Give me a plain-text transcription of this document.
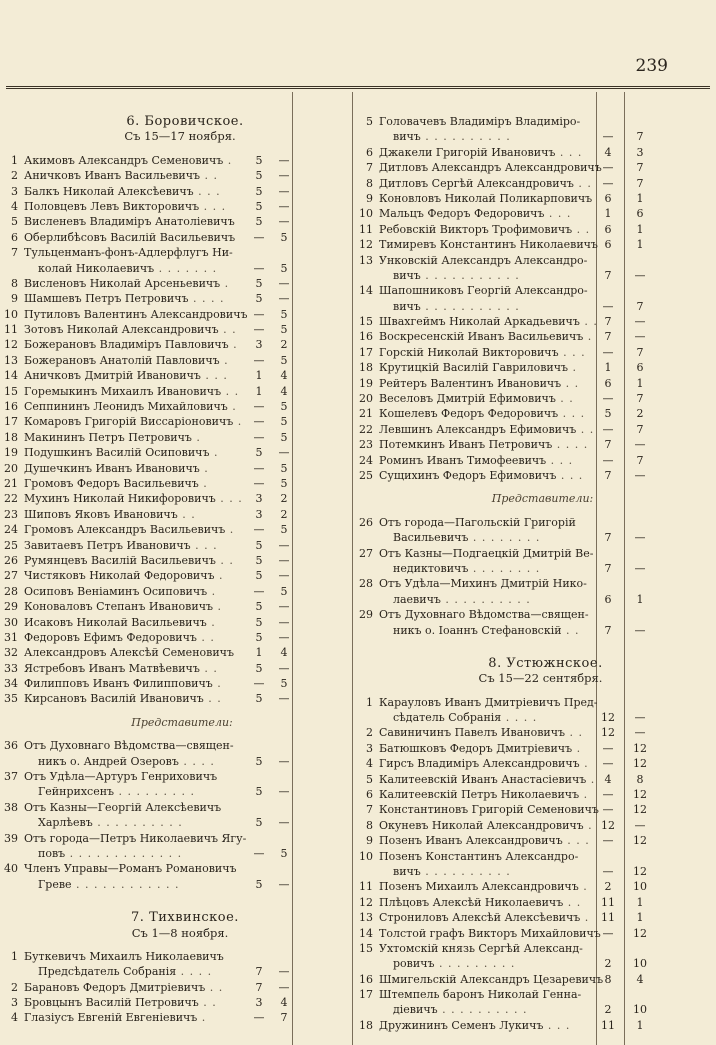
239
6. Боровичское.
Съ 15—17 ноября.
1 Акимовъ Александръ Семеновичъ .	5	—
2 Аничковъ Иванъ Васильевичъ . .	5	—
3 Балкъ Николай Алексѣевичъ . . .	5	—
4 Половцевъ Левъ Викторовичъ . . .	5	—
5 Висленевъ Владиміръ Анатоліевичъ	5	—
6 Оберлибѣсовъ Василій Васильевичъ	—	5
7 Тульценманъ-фонъ-Адлерфлугъ Ни-
колай Николаевичъ . . . . . . .	—	5
8 Висленовъ Николай Арсеньевичъ .	5	—
9 Шамшевъ Петръ Петровичъ . . . .	5	—
10 Путиловъ Валентинъ Александровичъ —	5
11 Зотовъ Николай Александровичъ . .	—	5
12 Божерановъ Владиміръ Павловичъ .	3	2
13 Божерановъ Анатолій Павловичъ .	—	5
14 Аничковъ Дмитрій Ивановичъ . . .	1	4
15 Горемыкинъ Михаилъ Ивановичъ . .	1	4
16 Сеппининъ Леонидъ Михайловичъ .	—	5
17 Комаровъ Григорій Виссаріоновичъ .	—	5
18 Макининъ Петръ Петровичъ .	—	5
19 Подушкинъ Василій Осиповичъ .	5	—
20 Душечкинъ Иванъ Ивановичъ .	—	5
21 Громовъ Федоръ Васильевичъ .	—	5
22 Мухинъ Николай Никифоровичъ . . .	3	2
23 Шиповъ Яковъ Ивановичъ . .	3	2
24 Громовъ Александръ Васильевичъ .	—	5
25 Завитаевъ Петръ Ивановичъ . . .	5	—
26 Румянцевъ Василій Васильевичъ . .	5	—
27 Чистяковъ Николай Федоровичъ .	5	—
28 Осиповъ Веніаминъ Осиповичъ .	—	5
29 Коноваловъ Степанъ Ивановичъ .	5	—
30 Исаковъ Николай Васильевичъ .	5	—
31 Федоровъ Ефимъ Федоровичъ . .	5	—
32 Александровъ Алексѣй Семеновичъ	1	4
33 Ястребовъ Иванъ Матвѣевичъ . .	5	—
34 Филипповъ Иванъ Филипповичъ .	—	5
35 Кирсановъ Василій Ивановичъ . .	5	—
Представители:
36 Отъ Духовнаго Вѣдомства—священ-
никъ о. Андрей Озеровъ . . . .	5	—
37 Отъ Удѣла—Артуръ Генриховичъ
Гейнрихсенъ . . . . . . . . .	5	—
38 Отъ Казны—Георгій Алексѣевичъ
Харлѣевъ . . . . . . . . . .	5	—
39 Отъ города—Петръ Николаевичъ Ягу-
повъ . . . . . . . . . . . . .	—	5
40 Членъ Управы—Романъ Романовичъ
Греве . . . . . . . . . . . .	5	—
7. Тихвинское.
Съ 1—8 ноября.
1 Буткевичъ Михаилъ Николаевичъ
Предсѣдатель Собранія . . . .	7	—
2 Барановъ Федоръ Дмитріевичъ . .	7	—
3 Бровцынъ Василій Петровичъ . .	3	4
4 Глазіусъ Евгеній Евгеніевичъ .	—	7
5 Головачевъ Владиміръ Владиміро-
вичъ . . . . . . . . . .	—	7
6 Джакели Григорій Ивановичъ . . .	4	3
7 Дитловъ Александръ Александровичъ —	7
8 Дитловъ Сергѣй Александровичъ . . —	7
9 Коновловъ Николай Поликарповичъ	6	1
10 Мальцъ Федоръ Федоровичъ . . .	1	6
11 Ребовскій Викторъ Трофимовичъ . .	6	1
12 Тимиревъ Константинъ Николаевичъ 6	1
13 Унковскій Александръ Александро-
вичъ . . . . . . . . . . .	7	—
14 Шапошниковъ Георгій Александро-
вичъ . . . . . . . . . . .	—	7
15 Швахгеймъ Николай Аркадьевичъ . . 7	—
16 Воскресенскій Иванъ Васильевичъ .	7	—
17 Горскій Николай Викторовичъ . . .	—	7
18 Крутицкій Василій Гавриловичъ .	1	6
19 Рейтеръ Валентинъ Ивановичъ . .	6	1
20 Веселовъ Дмитрій Ефимовичъ . .	—	7
21 Кошелевъ Федоръ Федоровичъ . . .	5	2
22 Левшинъ Александръ Ефимовичъ . . —	7
23 Потемкинъ Иванъ Петровичъ . . . .	7	—
24 Роминъ Иванъ Тимофеевичъ . . .	—	7
25 Сущихинъ Федоръ Ефимовичъ . . .	7	—
Представители:
26 Отъ города—Пагольскій Григорій
Васильевичъ . . . . . . . .	7	—
27 Отъ Казны—Подгаецкій Дмитрій Ве-
недиктовичъ . . . . . . . .	7	—
28 Отъ Удѣла—Михинъ Дмитрій Нико-
лаевичъ . . . . . . . . . .	6	1
29 Отъ Духовнаго Вѣдомства—священ-
никъ о. Іоаннъ Стефановскій . .	7	—
8. Устюжнское.
Съ 15—22 сентября.
1 Карауловъ Иванъ Дмитріевичъ Пред-
сѣдатель Собранія . . . .	12	—
2 Савиничинъ Павелъ Ивановичъ . . 12	—
3 Батюшковъ Федоръ Дмитріевичъ .	—	12
4 Гирсъ Владиміръ Александровичъ .	—	12
5 Калитеевскій Иванъ Анастасіевичъ . 4	8
6 Калитеевскій Петръ Николаевичъ .	—	12
7 Константиновъ Григорій Семеновичъ —	12
8 Окуневъ Николай Александровичъ . 12	—
9 Позенъ Иванъ Александровичъ . . .	—	12
10 Позенъ Константинъ Александро-
вичъ . . . . . . . . . .	—	12
11 Позенъ Михаилъ Александровичъ .	2	10
12 Плѣцовъ Алексѣй Николаевичъ . . 11	1
13 Строниловъ Алексѣй Алексѣевичъ . 11	1
14 Толстой графъ Викторъ Михайловичъ —	12
15 Ухтомскій князь Сергѣй Александ-
ровичъ . . . . . . . . .	2	10
16 Шмигельскій Александръ Цезаревичъ 8	4
17 Штемпель баронъ Николай Генна-
діевичъ . . . . . . . . . .	2	10
18 Дружининъ Семенъ Лукичъ . . .	11	1
